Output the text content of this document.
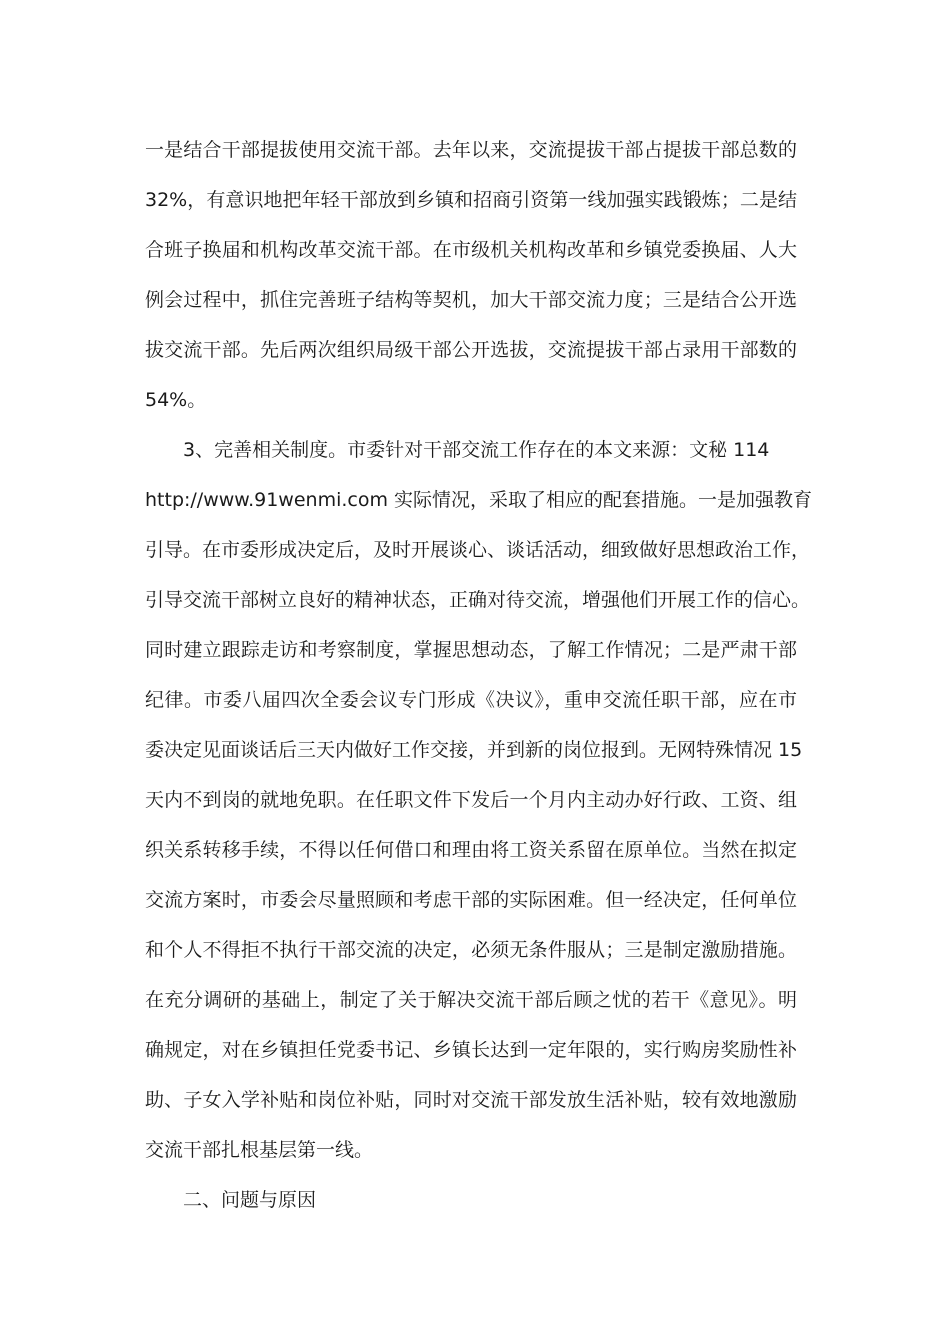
一是结合干部提拔使用交流干部。去年以来，交流提拔干部占提拔干部总数的
32%，有意识地把年轻干部放到乡镇和招商引资第一线加强实践锻炼；二是结
合班子换届和机构改革交流干部。在市级机关机构改革和乡镇党委换届、人大
例会过程中，抓住完善班子结构等契机，加大干部交流力度；三是结合公开选
拔交流干部。先后两次组织局级干部公开选拔，交流提拔干部占录用干部数的
54%。
3、完善相关制度。市委针对干部交流工作存在的本文来源：文秘 114
http://www.91wenmi.com 实际情况，采取了相应的配套措施。一是加强教育
引导。在市委形成决定后，及时开展谈心、谈话活动，细致做好思想政治工作，
引导交流干部树立良好的精神状态，正确对待交流，增强他们开展工作的信心。
同时建立跟踪走访和考察制度，掌握思想动态，了解工作情况；二是严肃干部
纪律。市委八届四次全委会议专门形成《决议》，重申交流任职干部，应在市
委决定见面谈话后三天内做好工作交接，并到新的岗位报到。无网特殊情况 15
天内不到岗的就地免职。在任职文件下发后一个月内主动办好行政、工资、组
织关系转移手续，不得以任何借口和理由将工资关系留在原单位。当然在拟定
交流方案时，市委会尽量照顾和考虑干部的实际困难。但一经决定，任何单位
和个人不得拒不执行干部交流的决定，必须无条件服从；三是制定激励措施。
在充分调研的基础上，制定了关于解决交流干部后顾之忧的若干《意见》。明
确规定，对在乡镇担任党委书记、乡镇长达到一定年限的，实行购房奖励性补
助、子女入学补贴和岗位补贴，同时对交流干部发放生活补贴，较有效地激励
交流干部扎根基层第一线。
二、问题与原因
